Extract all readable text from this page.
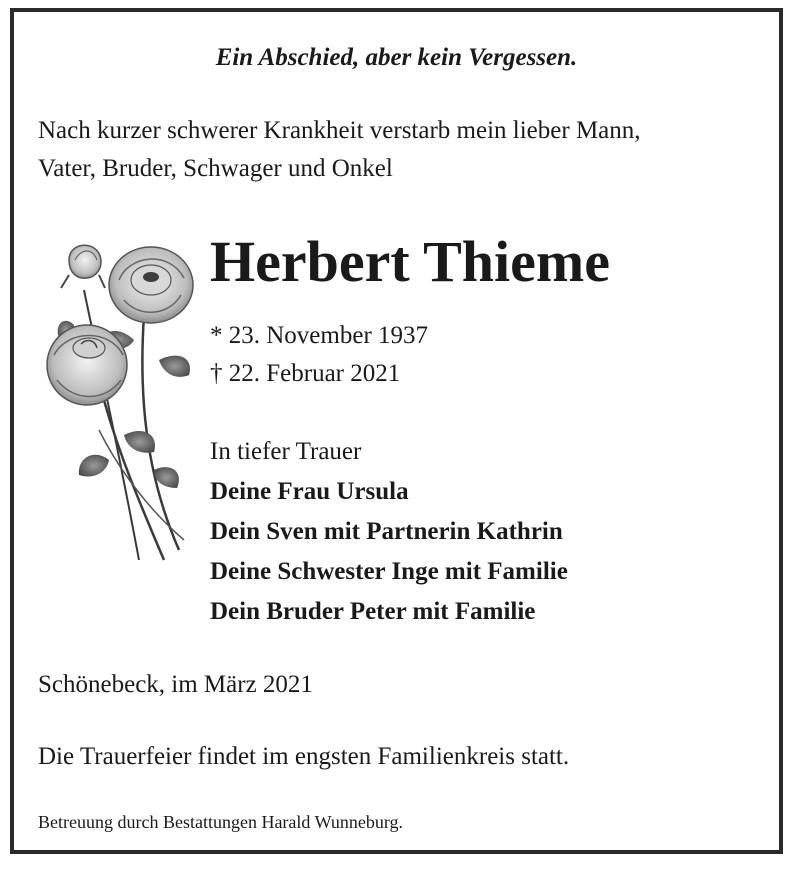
Ein Abschied, aber kein Vergessen.
Nach kurzer schwerer Krankheit verstarb mein lieber Mann,
Vater, Bruder, Schwager und Onkel
Herbert Thieme
* 23. November 1937
† 22. Februar 2021
In tiefer Trauer
Deine Frau Ursula
Dein Sven mit Partnerin Kathrin
Deine Schwester Inge mit Familie
Dein Bruder Peter mit Familie
Schönebeck, im März 2021
Die Trauerfeier findet im engsten Familienkreis statt.
Betreuung durch Bestattungen Harald Wunneburg.
